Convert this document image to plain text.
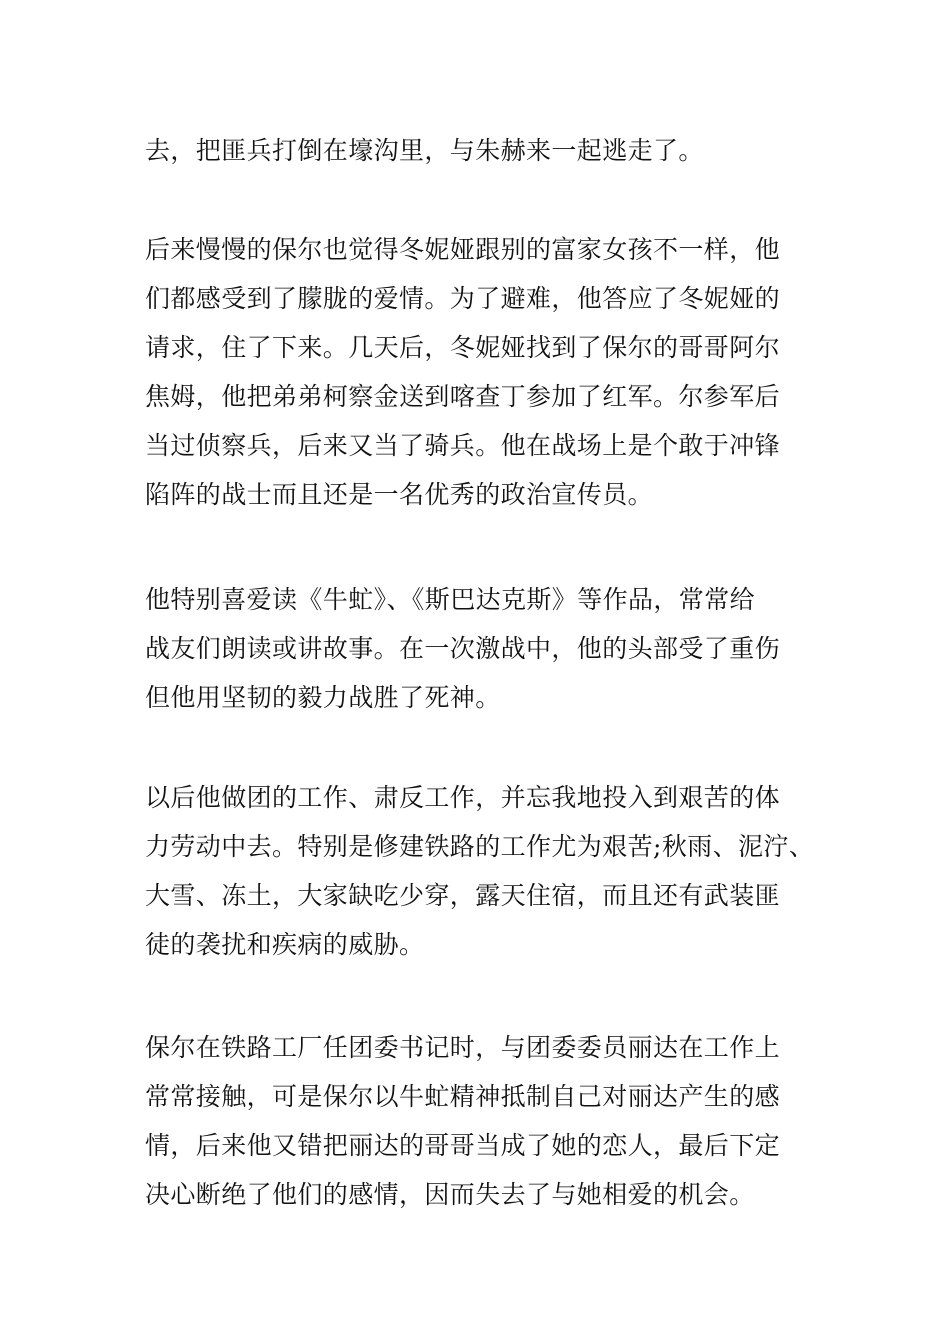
去，把匪兵打倒在壕沟里，与朱赫来一起逃走了。
后来慢慢的保尔也觉得冬妮娅跟别的富家女孩不一样，他
们都感受到了朦胧的爱情。为了避难，他答应了冬妮娅的
请求，住了下来。几天后，冬妮娅找到了保尔的哥哥阿尔
焦姆，他把弟弟柯察金送到喀查丁参加了红军。尔参军后
当过侦察兵，后来又当了骑兵。他在战场上是个敢于冲锋
陷阵的战士而且还是一名优秀的政治宣传员。
他特别喜爱读《牛虻》、《斯巴达克斯》等作品，常常给
战友们朗读或讲故事。在一次激战中，他的头部受了重伤
但他用坚韧的毅力战胜了死神。
以后他做团的工作、肃反工作，并忘我地投入到艰苦的体
力劳动中去。特别是修建铁路的工作尤为艰苦;秋雨、泥泞、
大雪、冻土，大家缺吃少穿，露天住宿，而且还有武装匪
徒的袭扰和疾病的威胁。
保尔在铁路工厂任团委书记时，与团委委员丽达在工作上
常常接触，可是保尔以牛虻精神抵制自己对丽达产生的感
情，后来他又错把丽达的哥哥当成了她的恋人，最后下定
决心断绝了他们的感情，因而失去了与她相爱的机会。
